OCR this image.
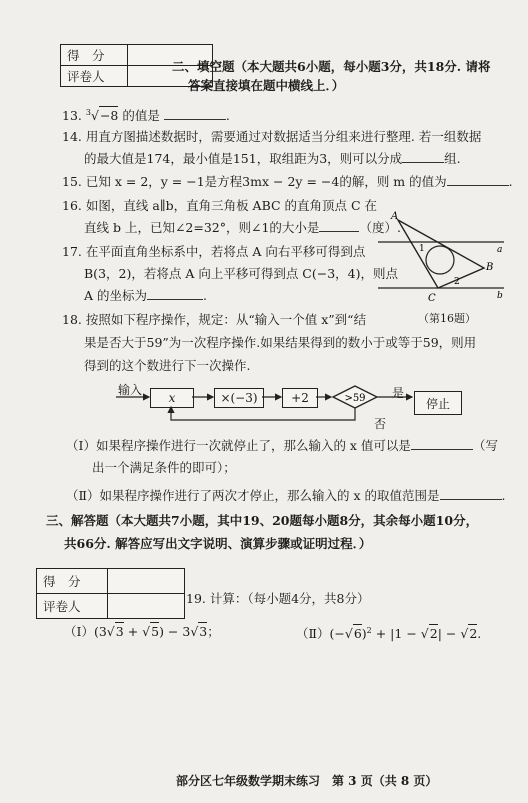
得　分	
评卷人	
二、填空题（本大题共6小题，每小题3分，共18分. 请将
答案直接填在题中横线上．）
13. $^3$√−8 的值是	.
14. 用直方图描述数据时，需要通过对数据适当分组来进行整理. 若一组数据
的最大值是174，最小值是151，取组距为3，则可以分成	组.
15. 已知 x = 2，y = −1是方程3mx − 2y = −4的解，则 m 的值为	.
16. 如图，直线 a∥b，直角三角板 ABC 的直角顶点 C 在
直线 b 上，已知∠2=32°，则∠1的大小是	（度）.
A
B
C
a
b
1
2
（第16题）
17. 在平面直角坐标系中，若将点 A 向右平移可得到点
B(3，2)，若将点 A 向上平移可得到点 C(−3，4)，则点
A 的坐标为	.
18. 按照如下程序操作，规定：从“输入一个值 x”到“结
果是否大于59”为一次程序操作.如果结果得到的数小于或等于59，则用
得到的这个数进行下一次操作.
输入
x	×(−3)	+2	停止
是
否
>59
（Ⅰ）如果程序操作进行一次就停止了，那么输入的 x 值可以是	（写
出一个满足条件的即可）；
（Ⅱ）如果程序操作进行了两次才停止，那么输入的 x 的取值范围是	.
三、解答题（本大题共7小题，其中19、20题每小题8分，其余每小题10分，
共66分. 解答应写出文字说明、演算步骤或证明过程．）
得　分	
评卷人	
19. 计算：（每小题4分，共8分）
（Ⅰ）(3√3 + √5) − 3√3；	$(Ⅱ)(-√6)^2 + |1 - √2| - √2$.
部分区七年级数学期末练习　第 3 页（共 8 页）
